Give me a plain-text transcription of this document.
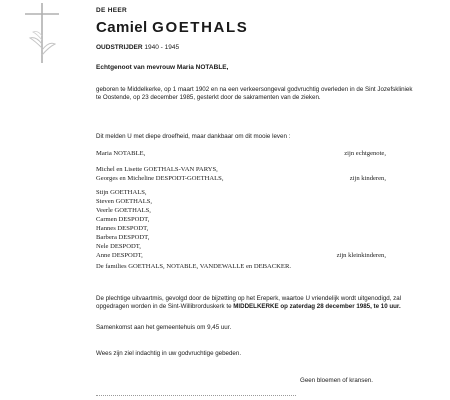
DE HEER
Camiel GOETHALS
OUDSTRIJDER 1940 - 1945
Echtgenoot van mevrouw Maria NOTABLE,
geboren te Middelkerke, op 1 maart 1902 en na een verkeersongeval godvruchtig overleden in de Sint Jozefskliniek te Oostende, op 23 december 1985, gesterkt door de sakramenten van de zieken.
Dit melden U met diepe droefheid, maar dankbaar om dit mooie leven :
Maria NOTABLE,	zijn echtgenote,
Michel en Lisette GOETHALS-VAN PARYS,
Georges en Micheline DESPODT-GOETHALS,	zijn kinderen,
Stijn GOETHALS,
Steven GOETHALS,
Veerle GOETHALS,
Carmen DESPODT,
Hannes DESPODT,
Barbera DESPODT,
Nele DESPODT,
Anne DESPODT,	zijn kleinkinderen,
De families GOETHALS, NOTABLE, VANDEWALLE en DEBACKER.
De plechtige uitvaartmis, gevolgd door de bijzetting op het Ereperk, waartoe U vriendelijk wordt uitgenodigd, zal opgedragen worden in de Sint-Willibrorduskerk te MIDDELKERKE op zaterdag 28 december 1985, te 10 uur.
Samenkomst aan het gemeentehuis om 9,45 uur.
Wees zijn ziel indachtig in uw godvruchtige gebeden.
Geen bloemen of kransen.
